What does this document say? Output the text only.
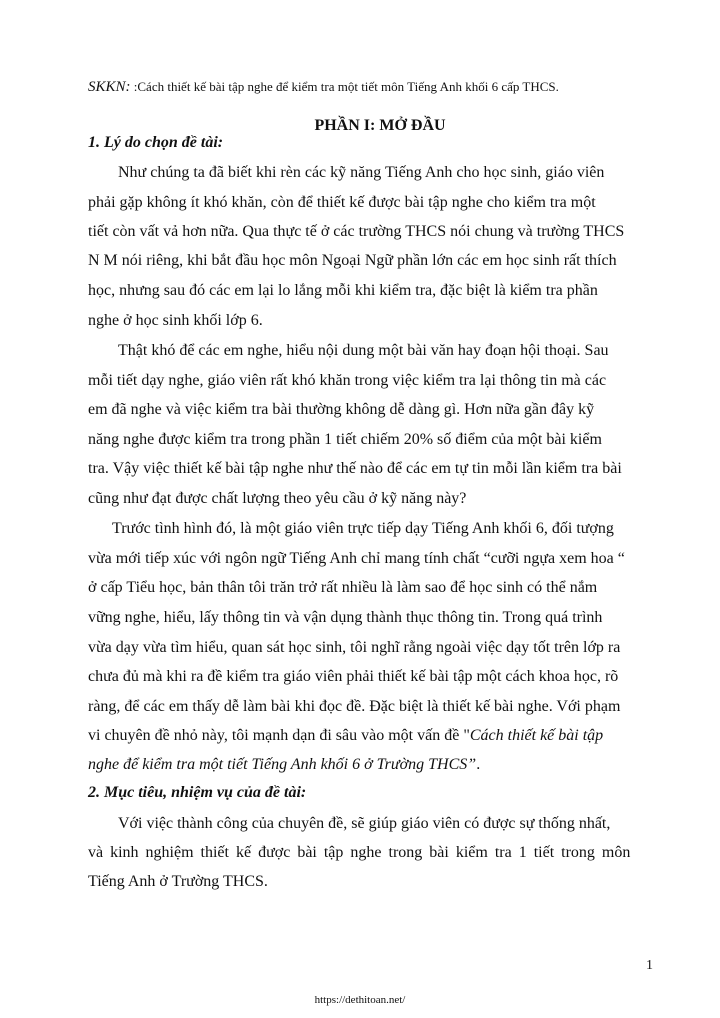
SKKN: :Cách thiết kế bài tập nghe để kiểm tra một tiết môn Tiếng Anh khối 6 cấp THCS.
PHẦN I: MỞ ĐẦU
1. Lý do chọn đề tài:
Như chúng ta đã biết khi rèn các kỹ năng Tiếng Anh cho học sinh, giáo viên
phải gặp không ít khó khăn, còn để thiết kế được bài tập nghe cho kiểm tra một
tiết còn vất vả hơn nữa. Qua thực tế ở các trường THCS nói chung và trường THCS
N M nói riêng, khi bắt đầu học môn Ngoại Ngữ phần lớn các em học sinh rất thích
học, nhưng sau đó các em lại lo lắng mỗi khi kiểm tra, đặc biệt là kiểm tra phần
nghe ở học sinh khối lớp 6.
Thật khó để các em nghe, hiểu nội dung một bài văn hay đoạn hội thoại. Sau
mỗi tiết dạy nghe, giáo viên rất khó khăn trong việc kiểm tra lại thông tin mà các
em đã nghe và việc kiểm tra bài thường không dễ dàng gì. Hơn nữa gần đây kỹ
năng nghe được kiểm tra trong phần 1 tiết chiếm 20% số điểm của một bài kiểm
tra. Vậy việc thiết kế bài tập nghe như thế nào để các em tự tin mỗi lần kiểm tra bài
cũng như đạt được chất lượng theo yêu cầu ở kỹ năng này?
Trước tình hình đó, là một giáo viên trực tiếp dạy Tiếng Anh khối 6, đối tượng
vừa mới tiếp xúc với ngôn ngữ Tiếng Anh chỉ mang tính chất “cưỡi ngựa xem hoa “
ở cấp Tiểu học, bản thân tôi trăn trở rất nhiều là làm sao để học sinh có thể nắm
vững nghe, hiểu, lấy thông tin và vận dụng thành thục thông tin. Trong quá trình
vừa dạy vừa tìm hiểu, quan sát học sinh, tôi nghĩ rằng ngoài việc dạy tốt trên lớp ra
chưa đủ mà khi ra đề kiểm tra giáo viên phải thiết kế bài tập một cách khoa học, rõ
ràng, để các em thấy dễ làm bài khi đọc đề. Đặc biệt là thiết kế bài nghe. Với phạm
vi chuyên đề nhỏ này, tôi mạnh dạn đi sâu vào một vấn đề "Cách thiết kế bài tập
nghe để kiểm tra một tiết Tiếng Anh khối 6 ở Trường THCS”.
2. Mục tiêu, nhiệm vụ của đề tài:
Với việc thành công của chuyên đề, sẽ giúp giáo viên có được sự thống nhất,
và kinh nghiệm thiết kế được bài tập nghe trong bài kiểm tra 1 tiết trong môn
Tiếng Anh ở Trường THCS.
1
https://dethitoan.net/
